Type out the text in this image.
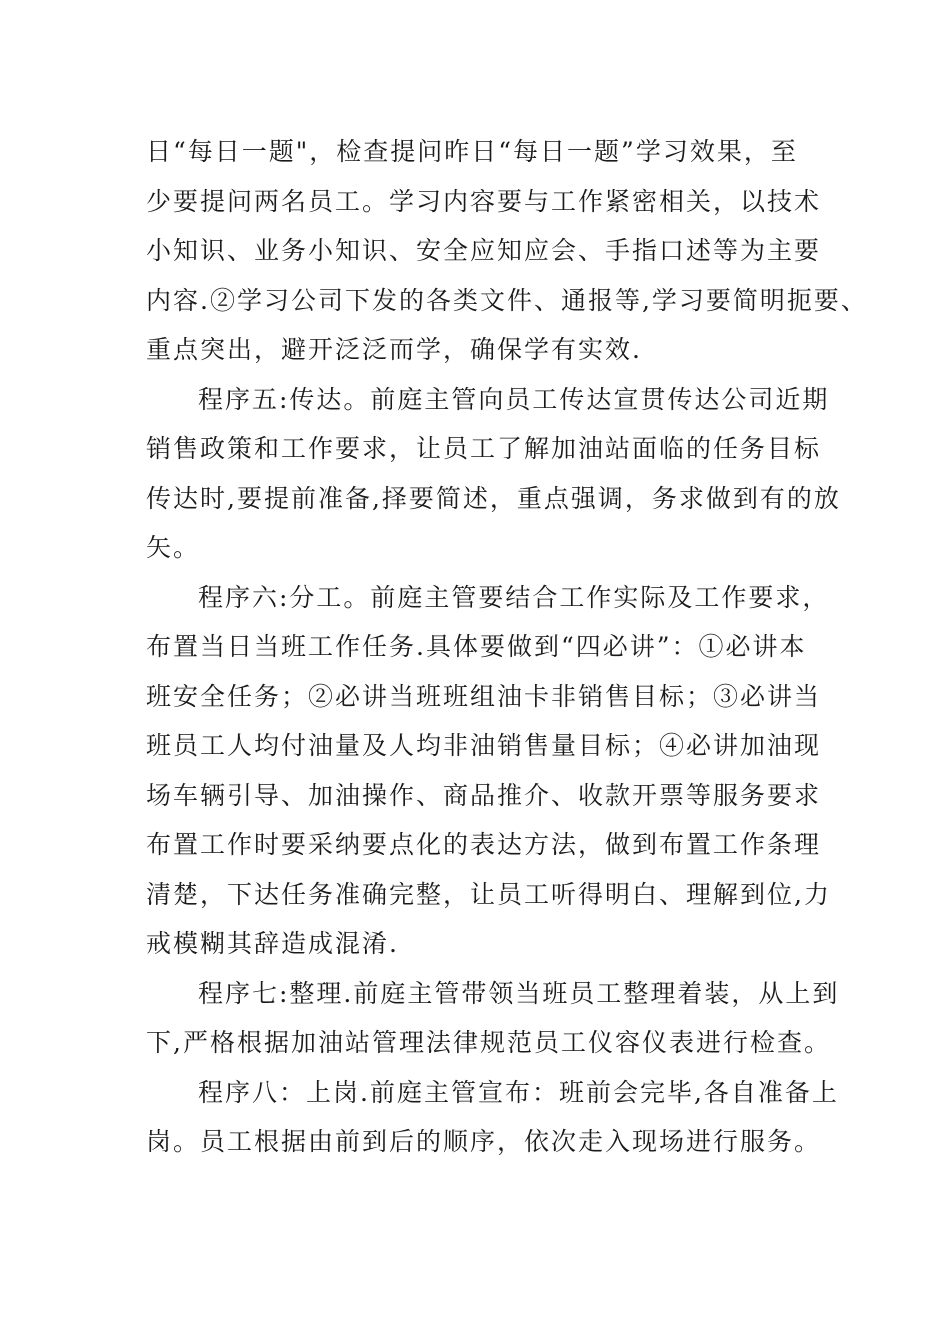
日“每日一题"，检查提问昨日“每日一题”学习效果，至
少要提问两名员工。学习内容要与工作紧密相关，以技术
小知识、业务小知识、安全应知应会、手指口述等为主要
内容.②学习公司下发的各类文件、通报等,学习要简明扼要、
重点突出，避开泛泛而学，确保学有实效.
程序五:传达。前庭主管向员工传达宣贯传达公司近期
销售政策和工作要求，让员工了解加油站面临的任务目标
传达时,要提前准备,择要简述，重点强调，务求做到有的放
矢。
程序六:分工。前庭主管要结合工作实际及工作要求，
布置当日当班工作任务.具体要做到“四必讲”：①必讲本
班安全任务；②必讲当班班组油卡非销售目标；③必讲当
班员工人均付油量及人均非油销售量目标；④必讲加油现
场车辆引导、加油操作、商品推介、收款开票等服务要求
布置工作时要采纳要点化的表达方法，做到布置工作条理
清楚，下达任务准确完整，让员工听得明白、理解到位,力
戒模糊其辞造成混淆.
程序七:整理.前庭主管带领当班员工整理着装，从上到
下,严格根据加油站管理法律规范员工仪容仪表进行检查。
程序八：上岗.前庭主管宣布：班前会完毕,各自准备上
岗。员工根据由前到后的顺序，依次走入现场进行服务。
